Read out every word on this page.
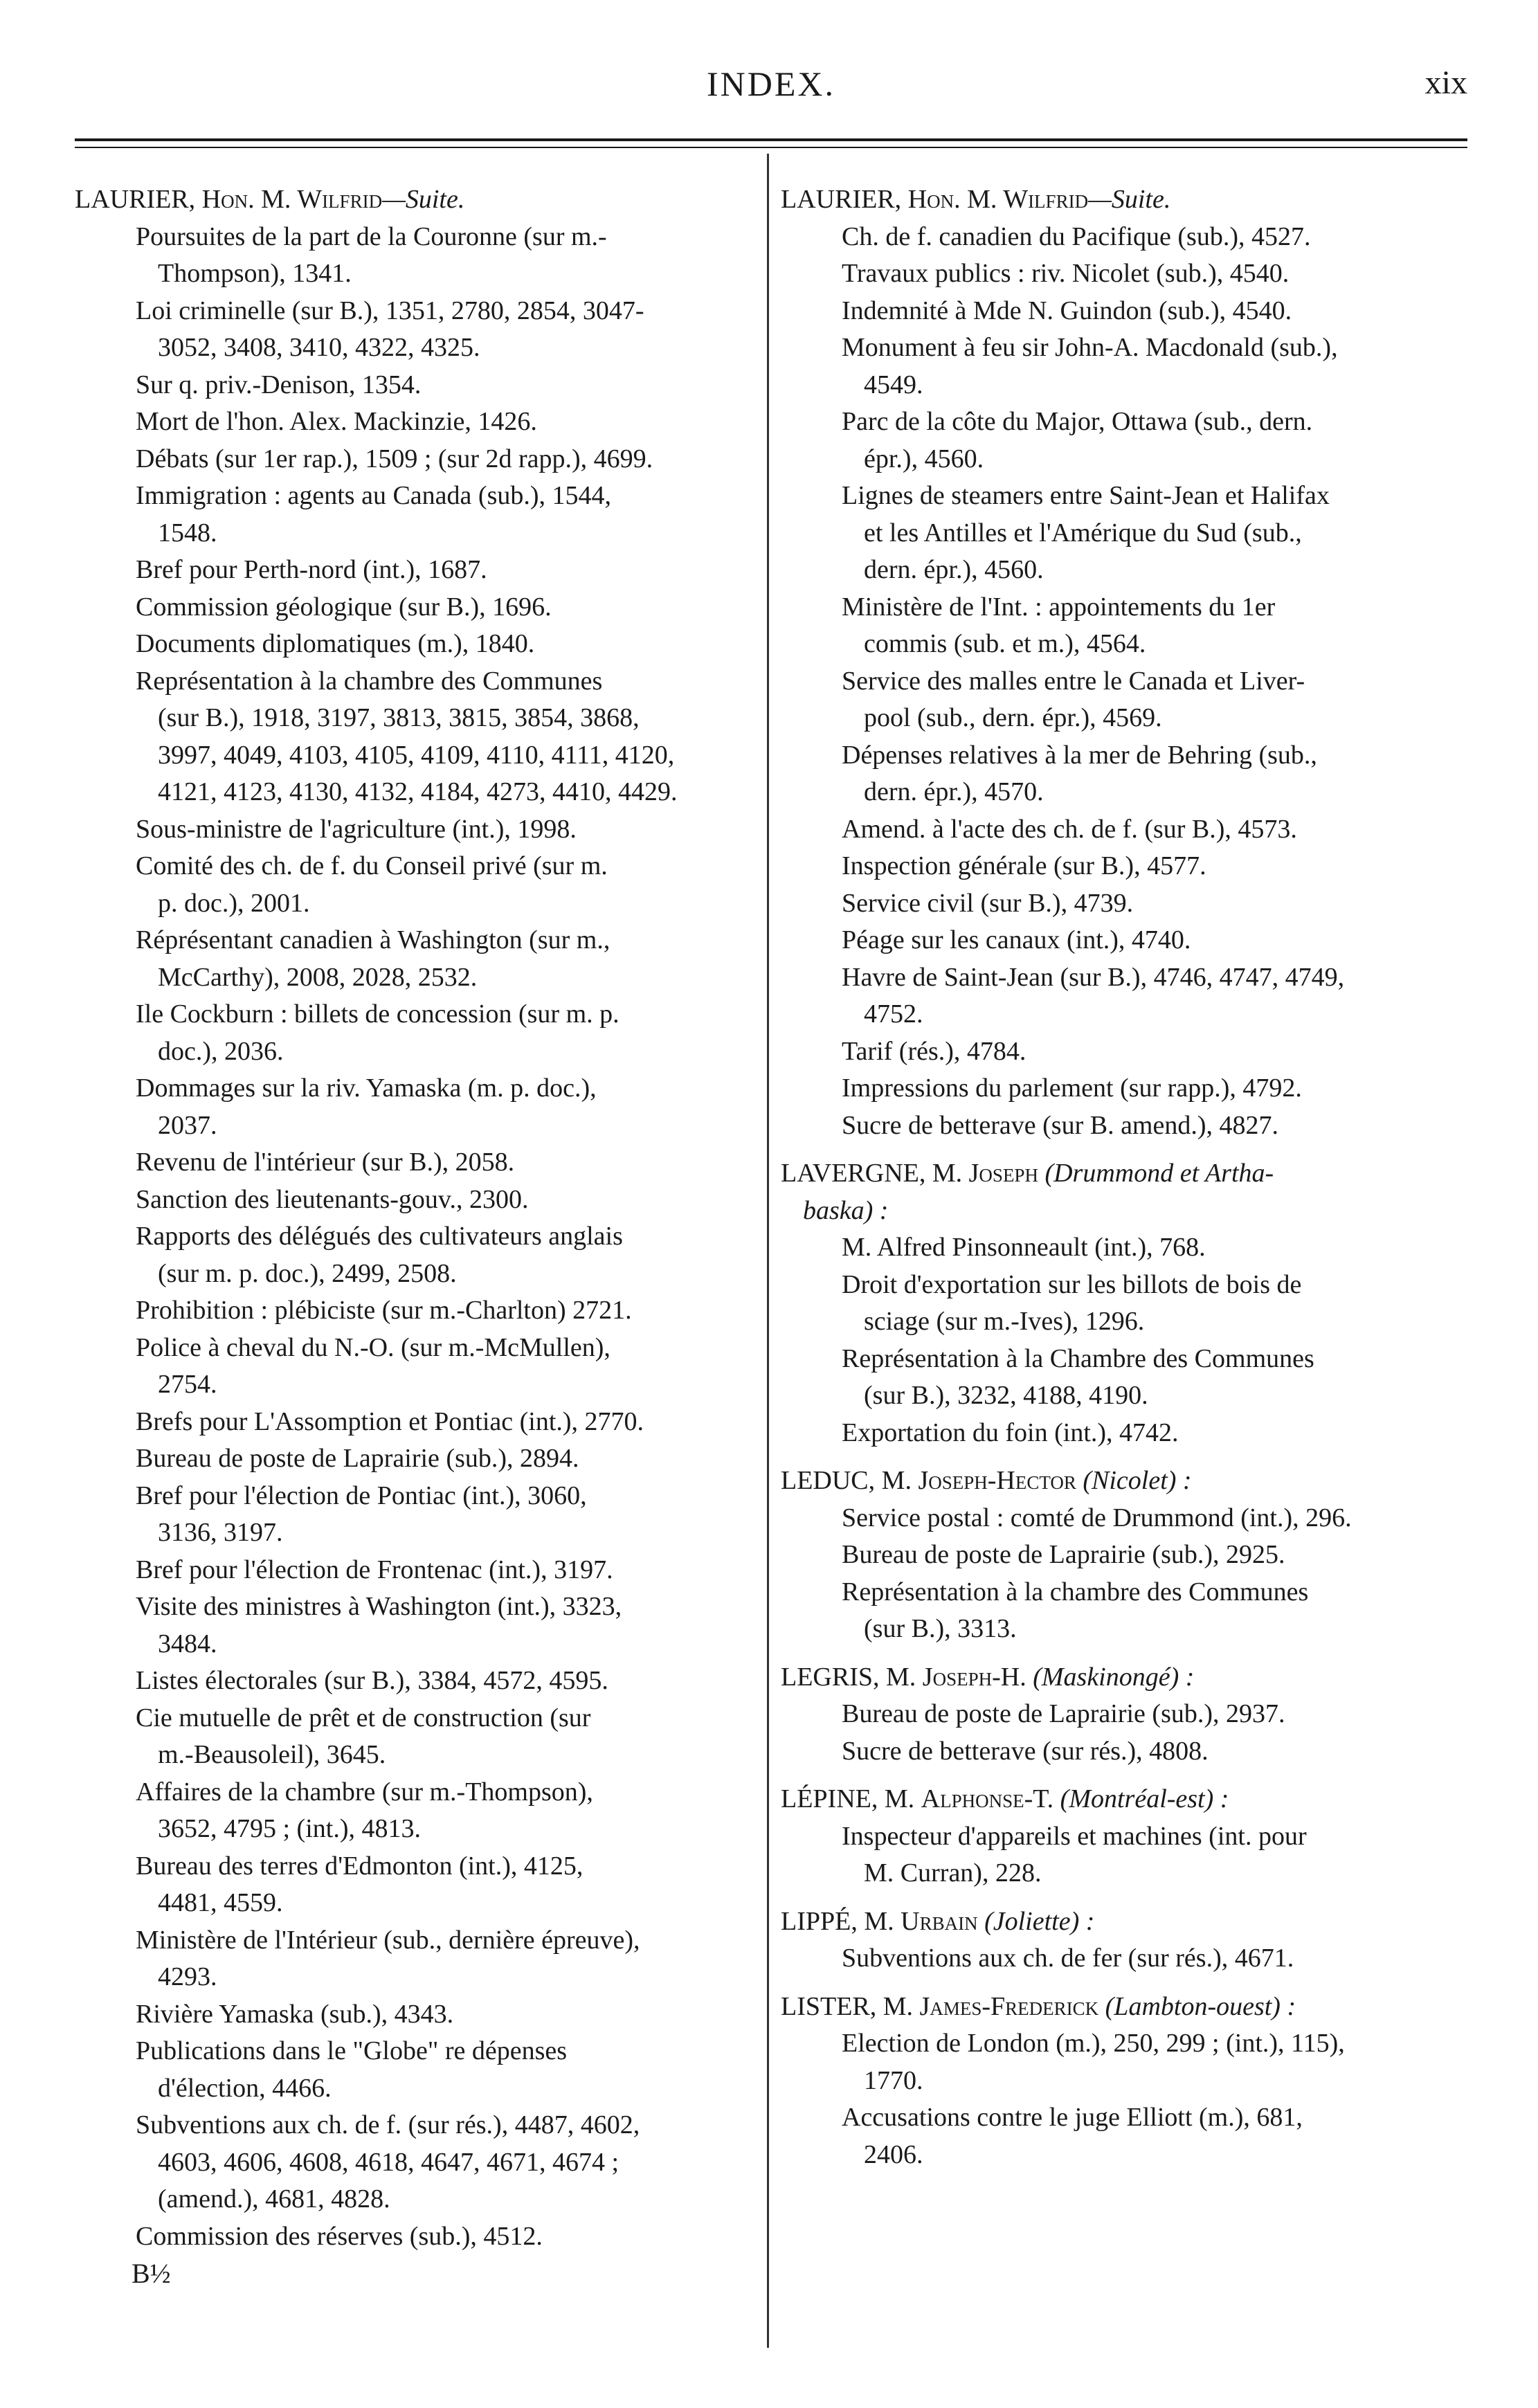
INDEX.	xix

LAURIER, Hon. M. Wilfrid—Suite.

Poursuites de la part de la Couronne (sur m.-
Thompson), 1341.

Loi criminelle (sur B.), 1351, 2780, 2854, 3047-
3052, 3408, 3410, 4322, 4325.

Sur q. priv.-Denison, 1354.

Mort de l'hon. Alex. Mackinzie, 1426.

Débats (sur 1er rap.), 1509 ; (sur 2d rapp.), 4699.

Immigration : agents au Canada (sub.), 1544,
1548.

Bref pour Perth-nord (int.), 1687.

Commission géologique (sur B.), 1696.

Documents diplomatiques (m.), 1840.

Représentation à la chambre des Communes
(sur B.), 1918, 3197, 3813, 3815, 3854, 3868,
3997, 4049, 4103, 4105, 4109, 4110, 4111, 4120,
4121, 4123, 4130, 4132, 4184, 4273, 4410, 4429.

Sous-ministre de l'agriculture (int.), 1998.

Comité des ch. de f. du Conseil privé (sur m.
p. doc.), 2001.

Réprésentant canadien à Washington (sur m.,
McCarthy), 2008, 2028, 2532.

Ile Cockburn : billets de concession (sur m. p.
doc.), 2036.

Dommages sur la riv. Yamaska (m. p. doc.),
2037.

Revenu de l'intérieur (sur B.), 2058.

Sanction des lieutenants-gouv., 2300.

Rapports des délégués des cultivateurs anglais
(sur m. p. doc.), 2499, 2508.

Prohibition : plébiciste (sur m.-Charlton) 2721.

Police à cheval du N.-O. (sur m.-McMullen),
2754.

Brefs pour L'Assomption et Pontiac (int.), 2770.

Bureau de poste de Laprairie (sub.), 2894.

Bref pour l'élection de Pontiac (int.), 3060,
3136, 3197.

Bref pour l'élection de Frontenac (int.), 3197.

Visite des ministres à Washington (int.), 3323,
3484.

Listes électorales (sur B.), 3384, 4572, 4595.

Cie mutuelle de prêt et de construction (sur
m.-Beausoleil), 3645.

Affaires de la chambre (sur m.-Thompson),
3652, 4795 ; (int.), 4813.

Bureau des terres d'Edmonton (int.), 4125,
4481, 4559.

Ministère de l'Intérieur (sub., dernière épreuve),
4293.

Rivière Yamaska (sub.), 4343.

Publications dans le "Globe" re dépenses
d'élection, 4466.

Subventions aux ch. de f. (sur rés.), 4487, 4602,
4603, 4606, 4608, 4618, 4647, 4671, 4674 ;
(amend.), 4681, 4828.

Commission des réserves (sub.), 4512.

B½

LAURIER, Hon. M. Wilfrid—Suite.

Ch. de f. canadien du Pacifique (sub.), 4527.

Travaux publics : riv. Nicolet (sub.), 4540.

Indemnité à Mde N. Guindon (sub.), 4540.

Monument à feu sir John-A. Macdonald (sub.),
4549.

Parc de la côte du Major, Ottawa (sub., dern.
épr.), 4560.

Lignes de steamers entre Saint-Jean et Halifax
et les Antilles et l'Amérique du Sud (sub.,
dern. épr.), 4560.

Ministère de l'Int. : appointements du 1er
commis (sub. et m.), 4564.

Service des malles entre le Canada et Liver-
pool (sub., dern. épr.), 4569.

Dépenses relatives à la mer de Behring (sub.,
dern. épr.), 4570.

Amend. à l'acte des ch. de f. (sur B.), 4573.

Inspection générale (sur B.), 4577.

Service civil (sur B.), 4739.

Péage sur les canaux (int.), 4740.

Havre de Saint-Jean (sur B.), 4746, 4747, 4749,
4752.

Tarif (rés.), 4784.

Impressions du parlement (sur rapp.), 4792.

Sucre de betterave (sur B. amend.), 4827.

LAVERGNE, M. Joseph (Drummond et Artha-
baska) :

M. Alfred Pinsonneault (int.), 768.

Droit d'exportation sur les billots de bois de
sciage (sur m.-Ives), 1296.

Représentation à la Chambre des Communes
(sur B.), 3232, 4188, 4190.

Exportation du foin (int.), 4742.

LEDUC, M. Joseph-Hector (Nicolet) :

Service postal : comté de Drummond (int.), 296.

Bureau de poste de Laprairie (sub.), 2925.

Représentation à la chambre des Communes
(sur B.), 3313.

LEGRIS, M. Joseph-H. (Maskinongé) :

Bureau de poste de Laprairie (sub.), 2937.

Sucre de betterave (sur rés.), 4808.

LÉPINE, M. Alphonse-T. (Montréal-est) :

Inspecteur d'appareils et machines (int. pour
M. Curran), 228.

LIPPÉ, M. Urbain (Joliette) :

Subventions aux ch. de fer (sur rés.), 4671.

LISTER, M. James-Frederick (Lambton-ouest) :

Election de London (m.), 250, 299 ; (int.), 115),
1770.

Accusations contre le juge Elliott (m.), 681,
2406.
